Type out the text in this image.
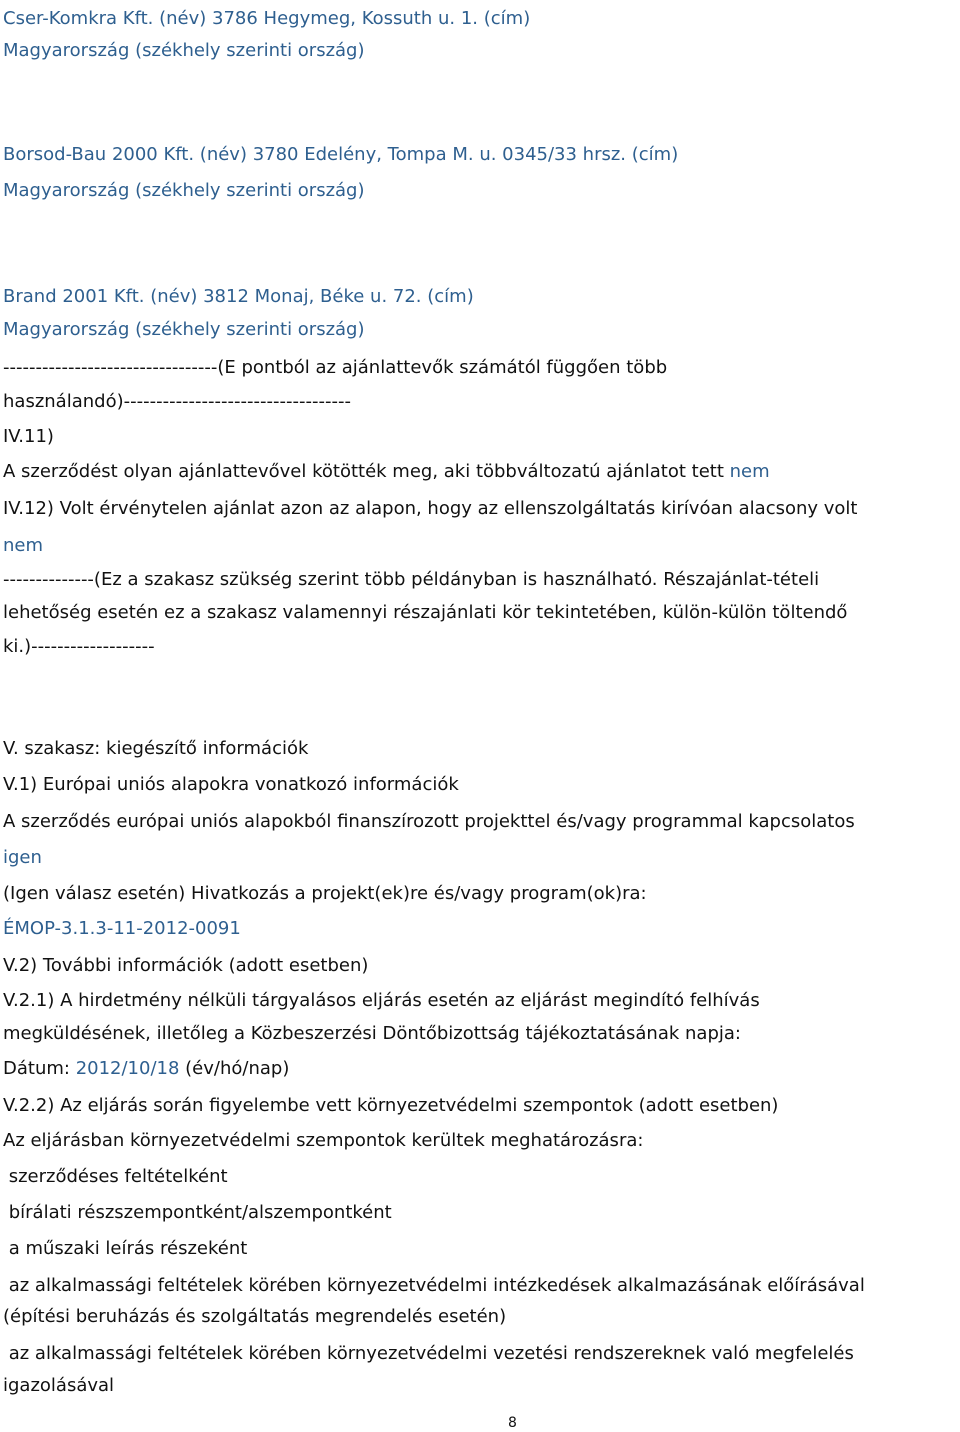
Cser-Komkra Kft. (név) 3786 Hegymeg, Kossuth u. 1. (cím)
Magyarország (székhely szerinti ország)
Borsod-Bau 2000 Kft. (név) 3780 Edelény, Tompa M. u. 0345/33 hrsz. (cím)
Magyarország (székhely szerinti ország)
Brand 2001 Kft. (név) 3812 Monaj, Béke u. 72. (cím)
Magyarország (székhely szerinti ország)
---------------------------------(E pontból az ajánlattevők számától függően több
használandó)-----------------------------------
IV.11)
A szerződést olyan ajánlattevővel kötötték meg, aki többváltozatú ajánlatot tett nem
IV.12) Volt érvénytelen ajánlat azon az alapon, hogy az ellenszolgáltatás kirívóan alacsony volt
nem
--------------(Ez a szakasz szükség szerint több példányban is használható. Részajánlat-tételi
lehetőség esetén ez a szakasz valamennyi részajánlati kör tekintetében, külön-külön töltendő
ki.)-------------------
V. szakasz: kiegészítő információk
V.1) Európai uniós alapokra vonatkozó információk
A szerződés európai uniós alapokból finanszírozott projekttel és/vagy programmal kapcsolatos
igen
(Igen válasz esetén) Hivatkozás a projekt(ek)re és/vagy program(ok)ra:
ÉMOP-3.1.3-11-2012-0091
V.2) További információk (adott esetben)
V.2.1) A hirdetmény nélküli tárgyalásos eljárás esetén az eljárást megindító felhívás
megküldésének, illetőleg a Közbeszerzési Döntőbizottság tájékoztatásának napja:
Dátum: 2012/10/18 (év/hó/nap)
V.2.2) Az eljárás során figyelembe vett környezetvédelmi szempontok (adott esetben)
Az eljárásban környezetvédelmi szempontok kerültek meghatározásra:
szerződéses feltételként
bírálati részszempontként/alszempontként
a műszaki leírás részeként
az alkalmassági feltételek körében környezetvédelmi intézkedések alkalmazásának előírásával
(építési beruházás és szolgáltatás megrendelés esetén)
az alkalmassági feltételek körében környezetvédelmi vezetési rendszereknek való megfelelés
igazolásával
8
